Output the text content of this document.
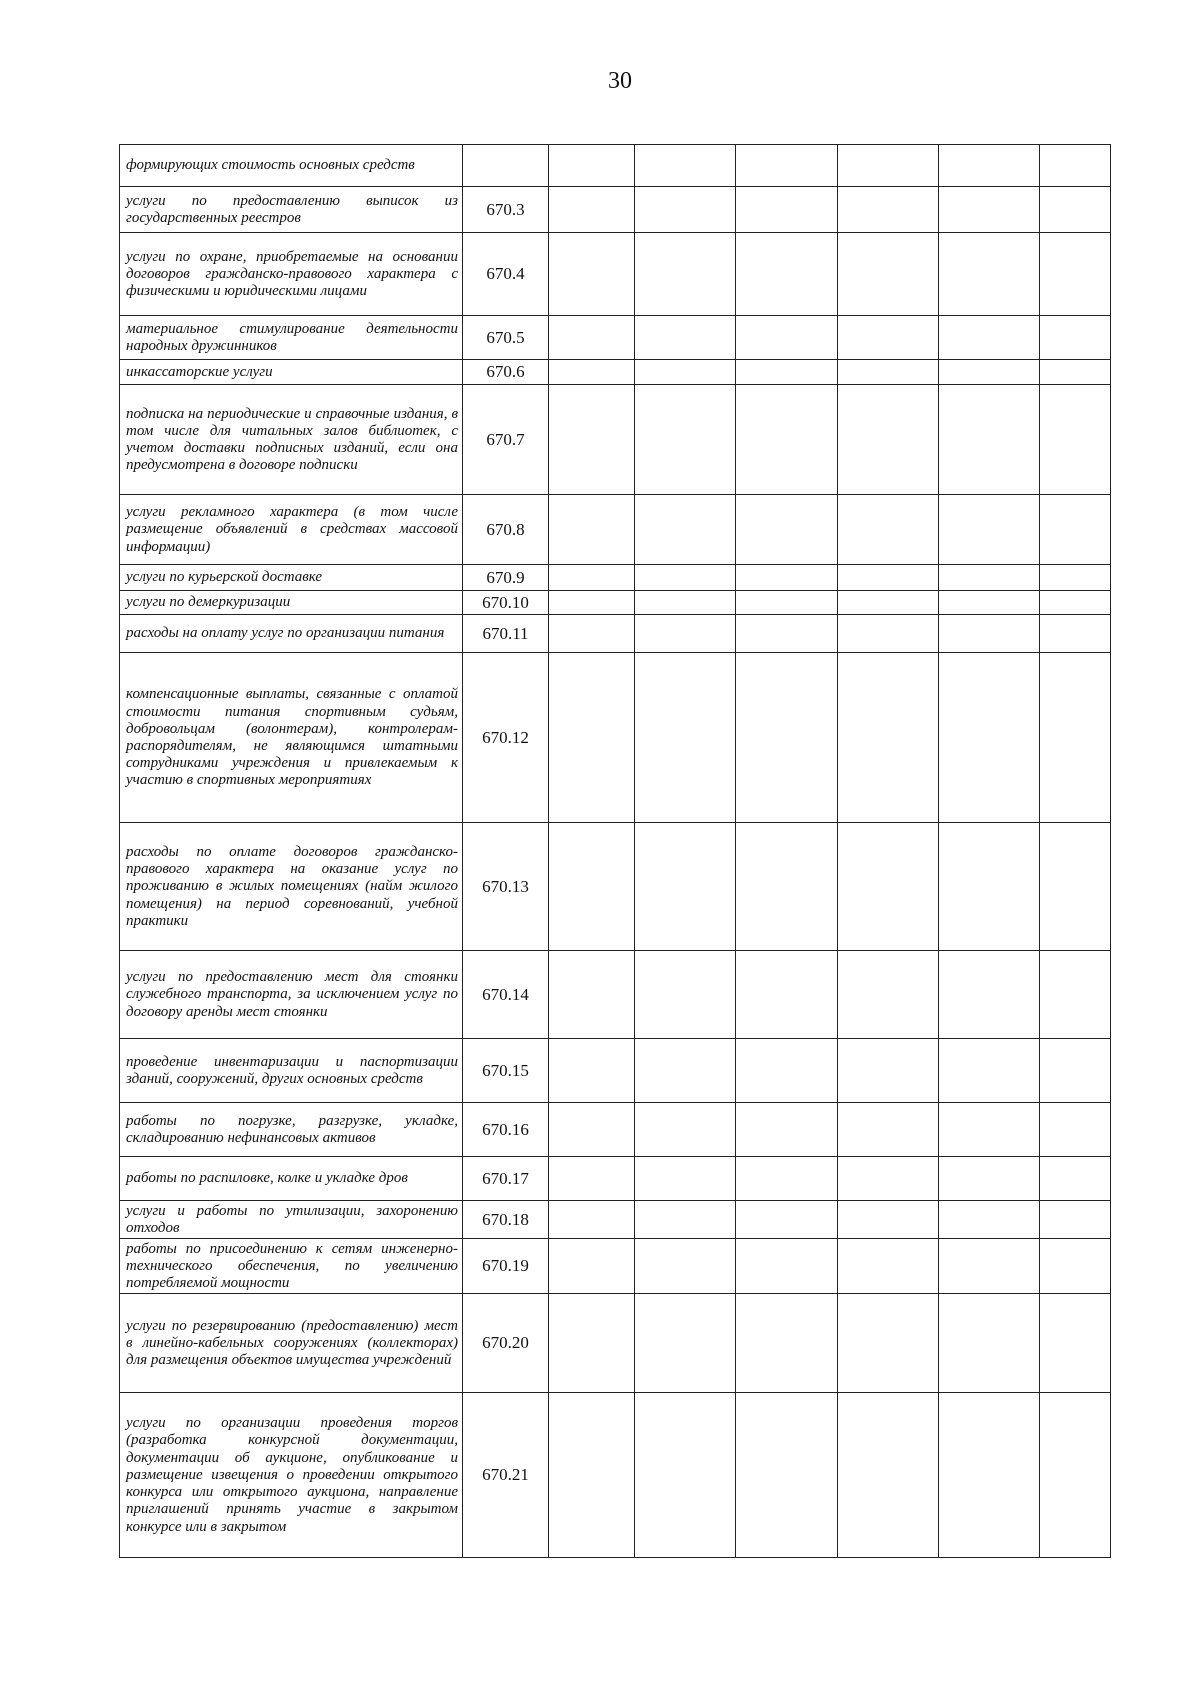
30
формирующих стоимость основных средств							
услуги по предоставлению выписок из государственных реестров	670.3						
услуги по охране, приобретаемые на основании договоров гражданско-правового характера с физическими и юридическими лицами	670.4						
материальное стимулирование деятельности народных дружинников	670.5						
инкассаторские услуги	670.6						
подписка на периодические и справочные издания, в том числе для читальных залов библиотек, с учетом доставки подписных изданий, если она предусмотрена в договоре подписки	670.7						
услуги рекламного характера (в том числе размещение объявлений в средствах массовой информации)	670.8						
услуги по курьерской доставке	670.9						
услуги по демеркуризации	670.10						
расходы на оплату услуг по организации питания	670.11						
компенсационные выплаты, связанные с оплатой стоимости питания спортивным судьям, добровольцам (волонтерам), контролерам-распорядителям, не являющимся штатными сотрудниками учреждения и привлекаемым к участию в спортивных мероприятиях	670.12						
расходы по оплате договоров гражданско-правового характера на оказание услуг по проживанию в жилых помещениях (найм жилого помещения) на период соревнований, учебной практики	670.13						
услуги по предоставлению мест для стоянки служебного транспорта, за исключением услуг по договору аренды мест стоянки	670.14						
проведение инвентаризации и паспортизации зданий, сооружений, других основных средств	670.15						
работы по погрузке, разгрузке, укладке, складированию нефинансовых активов	670.16						
работы по распиловке, колке и укладке дров	670.17						
услуги и работы по утилизации, захоронению отходов	670.18						
работы по присоединению к сетям инженерно-технического обеспечения, по увеличению потребляемой мощности	670.19						
услуги по резервированию (предоставлению) мест в линейно-кабельных сооружениях (коллекторах) для размещения объектов имущества учреждений	670.20						
услуги по организации проведения торгов (разработка конкурсной документации, документации об аукционе, опубликование и размещение извещения о проведении открытого конкурса или открытого аукциона, направление приглашений принять участие в закрытом конкурсе или в закрытом	670.21						
